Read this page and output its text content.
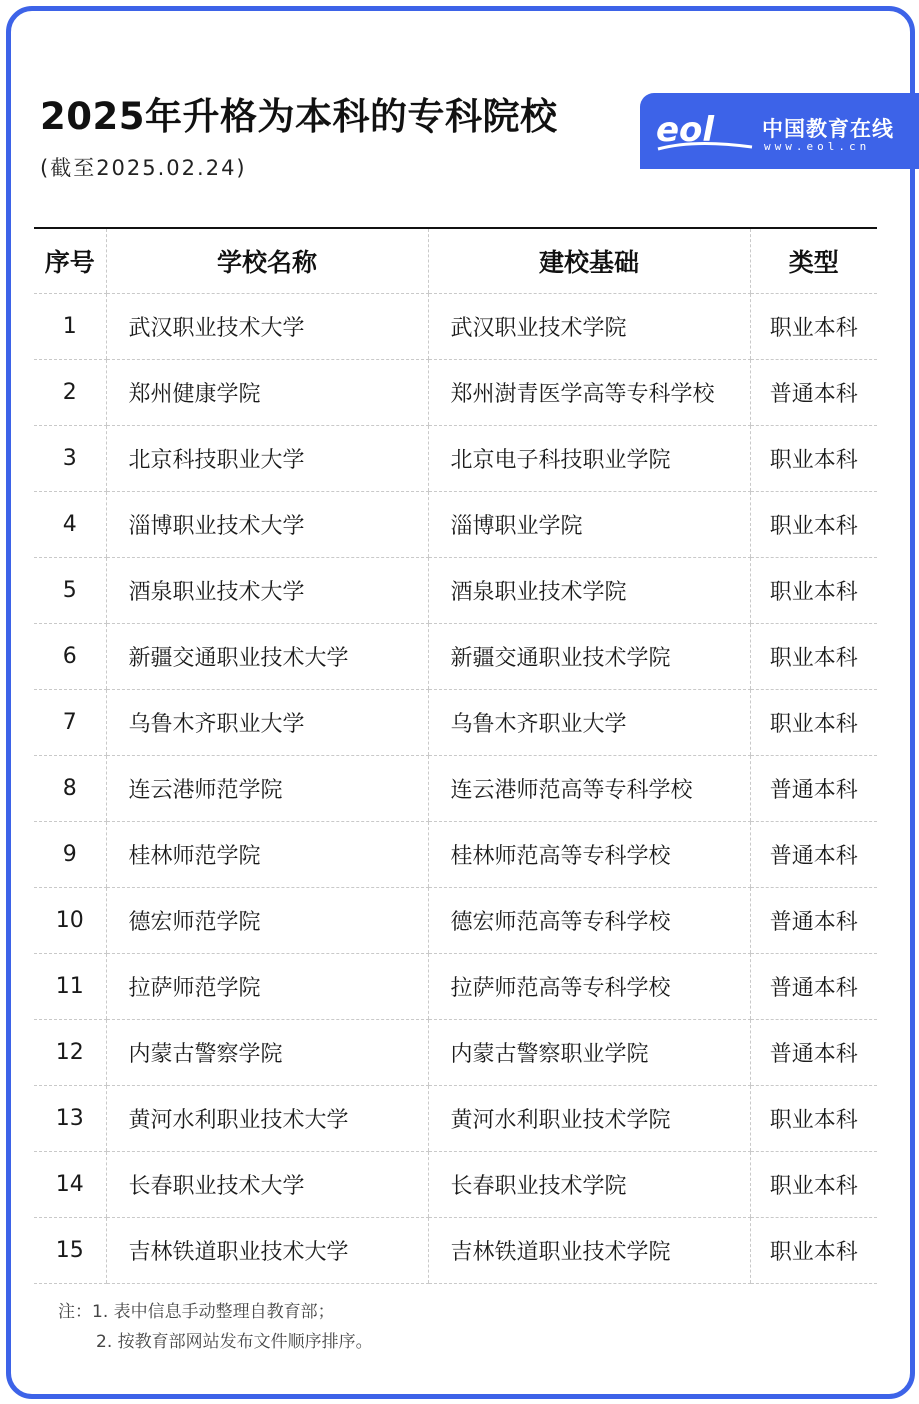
2025年升格为本科的专科院校
(截至2025.02.24)
eol 中国教育在线
www.eol.cn
序号	学校名称	建校基础	类型
1	武汉职业技术大学	武汉职业技术学院	职业本科
2	郑州健康学院	郑州澍青医学高等专科学校	普通本科
3	北京科技职业大学	北京电子科技职业学院	职业本科
4	淄博职业技术大学	淄博职业学院	职业本科
5	酒泉职业技术大学	酒泉职业技术学院	职业本科
6	新疆交通职业技术大学	新疆交通职业技术学院	职业本科
7	乌鲁木齐职业大学	乌鲁木齐职业大学	职业本科
8	连云港师范学院	连云港师范高等专科学校	普通本科
9	桂林师范学院	桂林师范高等专科学校	普通本科
10	德宏师范学院	德宏师范高等专科学校	普通本科
11	拉萨师范学院	拉萨师范高等专科学校	普通本科
12	内蒙古警察学院	内蒙古警察职业学院	普通本科
13	黄河水利职业技术大学	黄河水利职业技术学院	职业本科
14	长春职业技术大学	长春职业技术学院	职业本科
15	吉林铁道职业技术大学	吉林铁道职业技术学院	职业本科
注：1. 表中信息手动整理自教育部；
2. 按教育部网站发布文件顺序排序。
